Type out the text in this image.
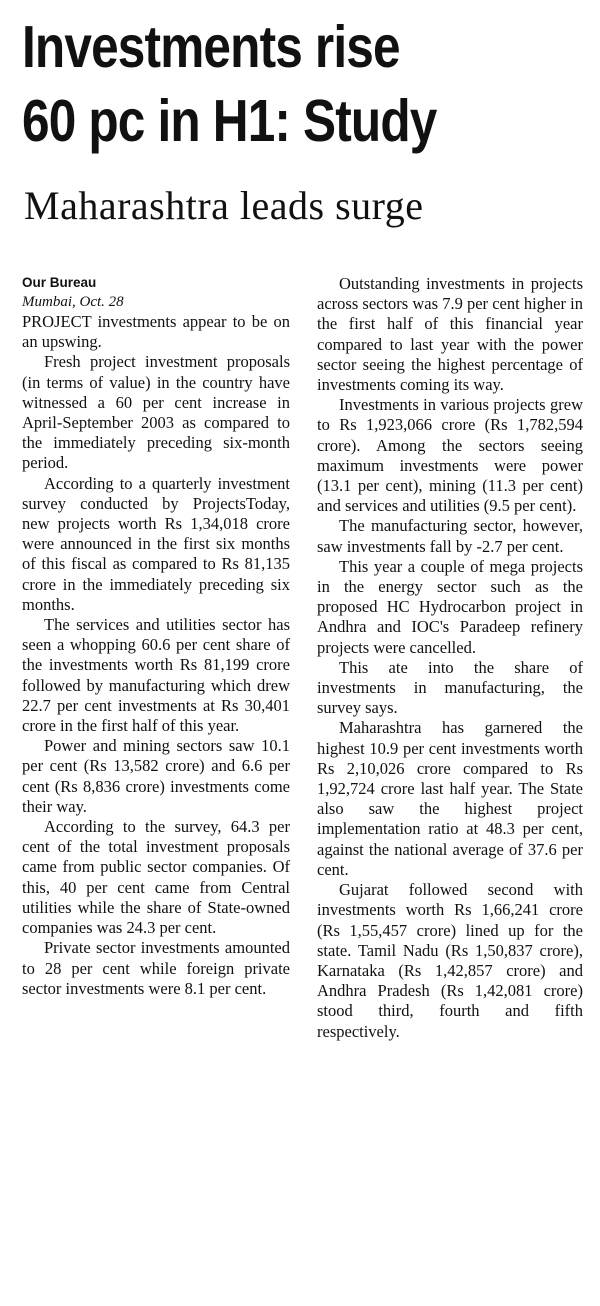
Investments rise
60 pc in H1: Study
Maharashtra leads surge

Our Bureau

Mumbai, Oct. 28

PROJECT investments appear to be on an upswing.

Fresh project investment proposals (in terms of value) in the country have witnessed a 60 per cent increase in April-September 2003 as compared to the immediately preceding six-month period.

According to a quarterly investment survey conducted by ProjectsToday, new projects worth Rs 1,34,018 crore were announced in the first six months of this fiscal as compared to Rs 81,135 crore in the immediately preceding six months.

The services and utilities sector has seen a whopping 60.6 per cent share of the investments worth Rs 81,199 crore followed by manufacturing which drew 22.7 per cent investments at Rs 30,401 crore in the first half of this year.

Power and mining sectors saw 10.1 per cent (Rs 13,582 crore) and 6.6 per cent (Rs 8,836 crore) investments come their way.

According to the survey, 64.3 per cent of the total investment proposals came from public sector companies. Of this, 40 per cent came from Central utilities while the share of State-owned companies was 24.3 per cent.

Private sector investments amounted to 28 per cent while foreign private sector investments were 8.1 per cent.

Outstanding investments in projects across sectors was 7.9 per cent higher in the first half of this financial year compared to last year with the power sector seeing the highest percentage of investments coming its way.

Investments in various projects grew to Rs 1,923,066 crore (Rs 1,782,594 crore). Among the sectors seeing maximum investments were power (13.1 per cent), mining (11.3 per cent) and services and utilities (9.5 per cent).

The manufacturing sector, however, saw investments fall by -2.7 per cent.

This year a couple of mega projects in the energy sector such as the proposed HC Hydrocarbon project in Andhra and IOC's Paradeep refinery projects were cancelled.

This ate into the share of investments in manufacturing, the survey says.

Maharashtra has garnered the highest 10.9 per cent investments worth Rs 2,10,026 crore compared to Rs 1,92,724 crore last half year. The State also saw the highest project implementation ratio at 48.3 per cent, against the national average of 37.6 per cent.

Gujarat followed second with investments worth Rs 1,66,241 crore (Rs 1,55,457 crore) lined up for the state. Tamil Nadu (Rs 1,50,837 crore), Karnataka (Rs 1,42,857 crore) and Andhra Pradesh (Rs 1,42,081 crore) stood third, fourth and fifth respectively.
